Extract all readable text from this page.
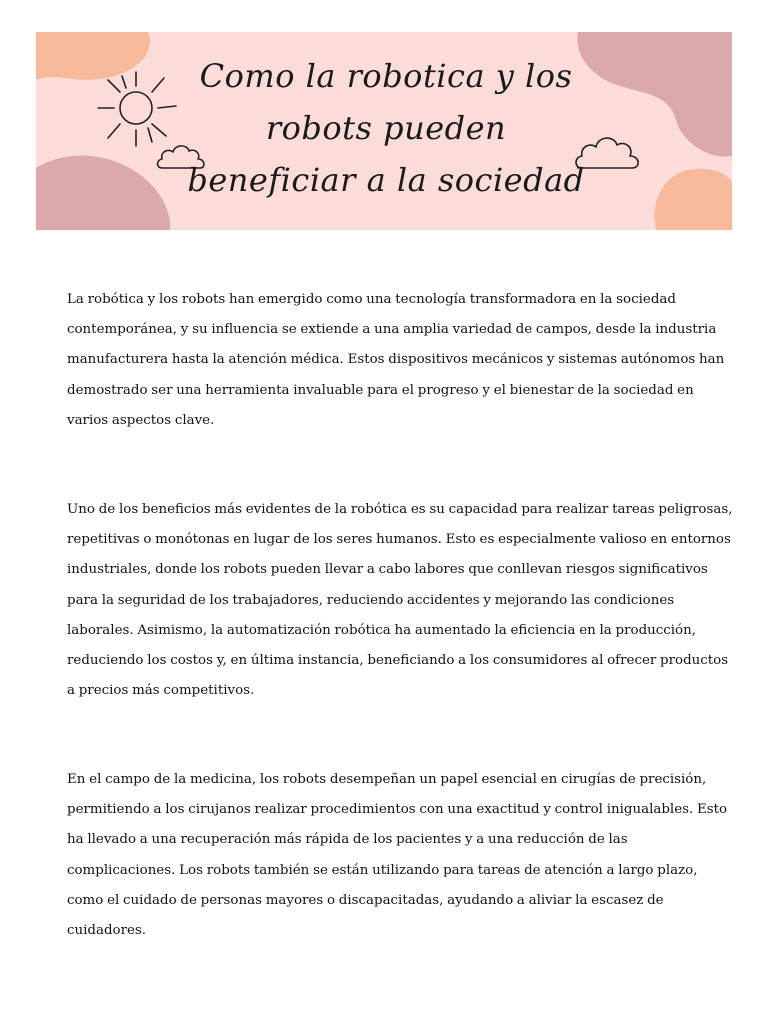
Como la robotica y los robots pueden beneficiar a la sociedad

La robótica y los robots han emergido como una tecnología transformadora en la sociedad contemporánea, y su influencia se extiende a una amplia variedad de campos, desde la industria manufacturera hasta la atención médica. Estos dispositivos mecánicos y sistemas autónomos han demostrado ser una herramienta invaluable para el progreso y el bienestar de la sociedad en varios aspectos clave.

Uno de los beneficios más evidentes de la robótica es su capacidad para realizar tareas peligrosas, repetitivas o monótonas en lugar de los seres humanos. Esto es especialmente valioso en entornos industriales, donde los robots pueden llevar a cabo labores que conllevan riesgos significativos para la seguridad de los trabajadores, reduciendo accidentes y mejorando las condiciones laborales. Asimismo, la automatización robótica ha aumentado la eficiencia en la producción, reduciendo los costos y, en última instancia, beneficiando a los consumidores al ofrecer productos a precios más competitivos.

En el campo de la medicina, los robots desempeñan un papel esencial en cirugías de precisión, permitiendo a los cirujanos realizar procedimientos con una exactitud y control inigualables. Esto ha llevado a una recuperación más rápida de los pacientes y a una reducción de las complicaciones. Los robots también se están utilizando para tareas de atención a largo plazo, como el cuidado de personas mayores o discapacitadas, ayudando a aliviar la escasez de cuidadores.
